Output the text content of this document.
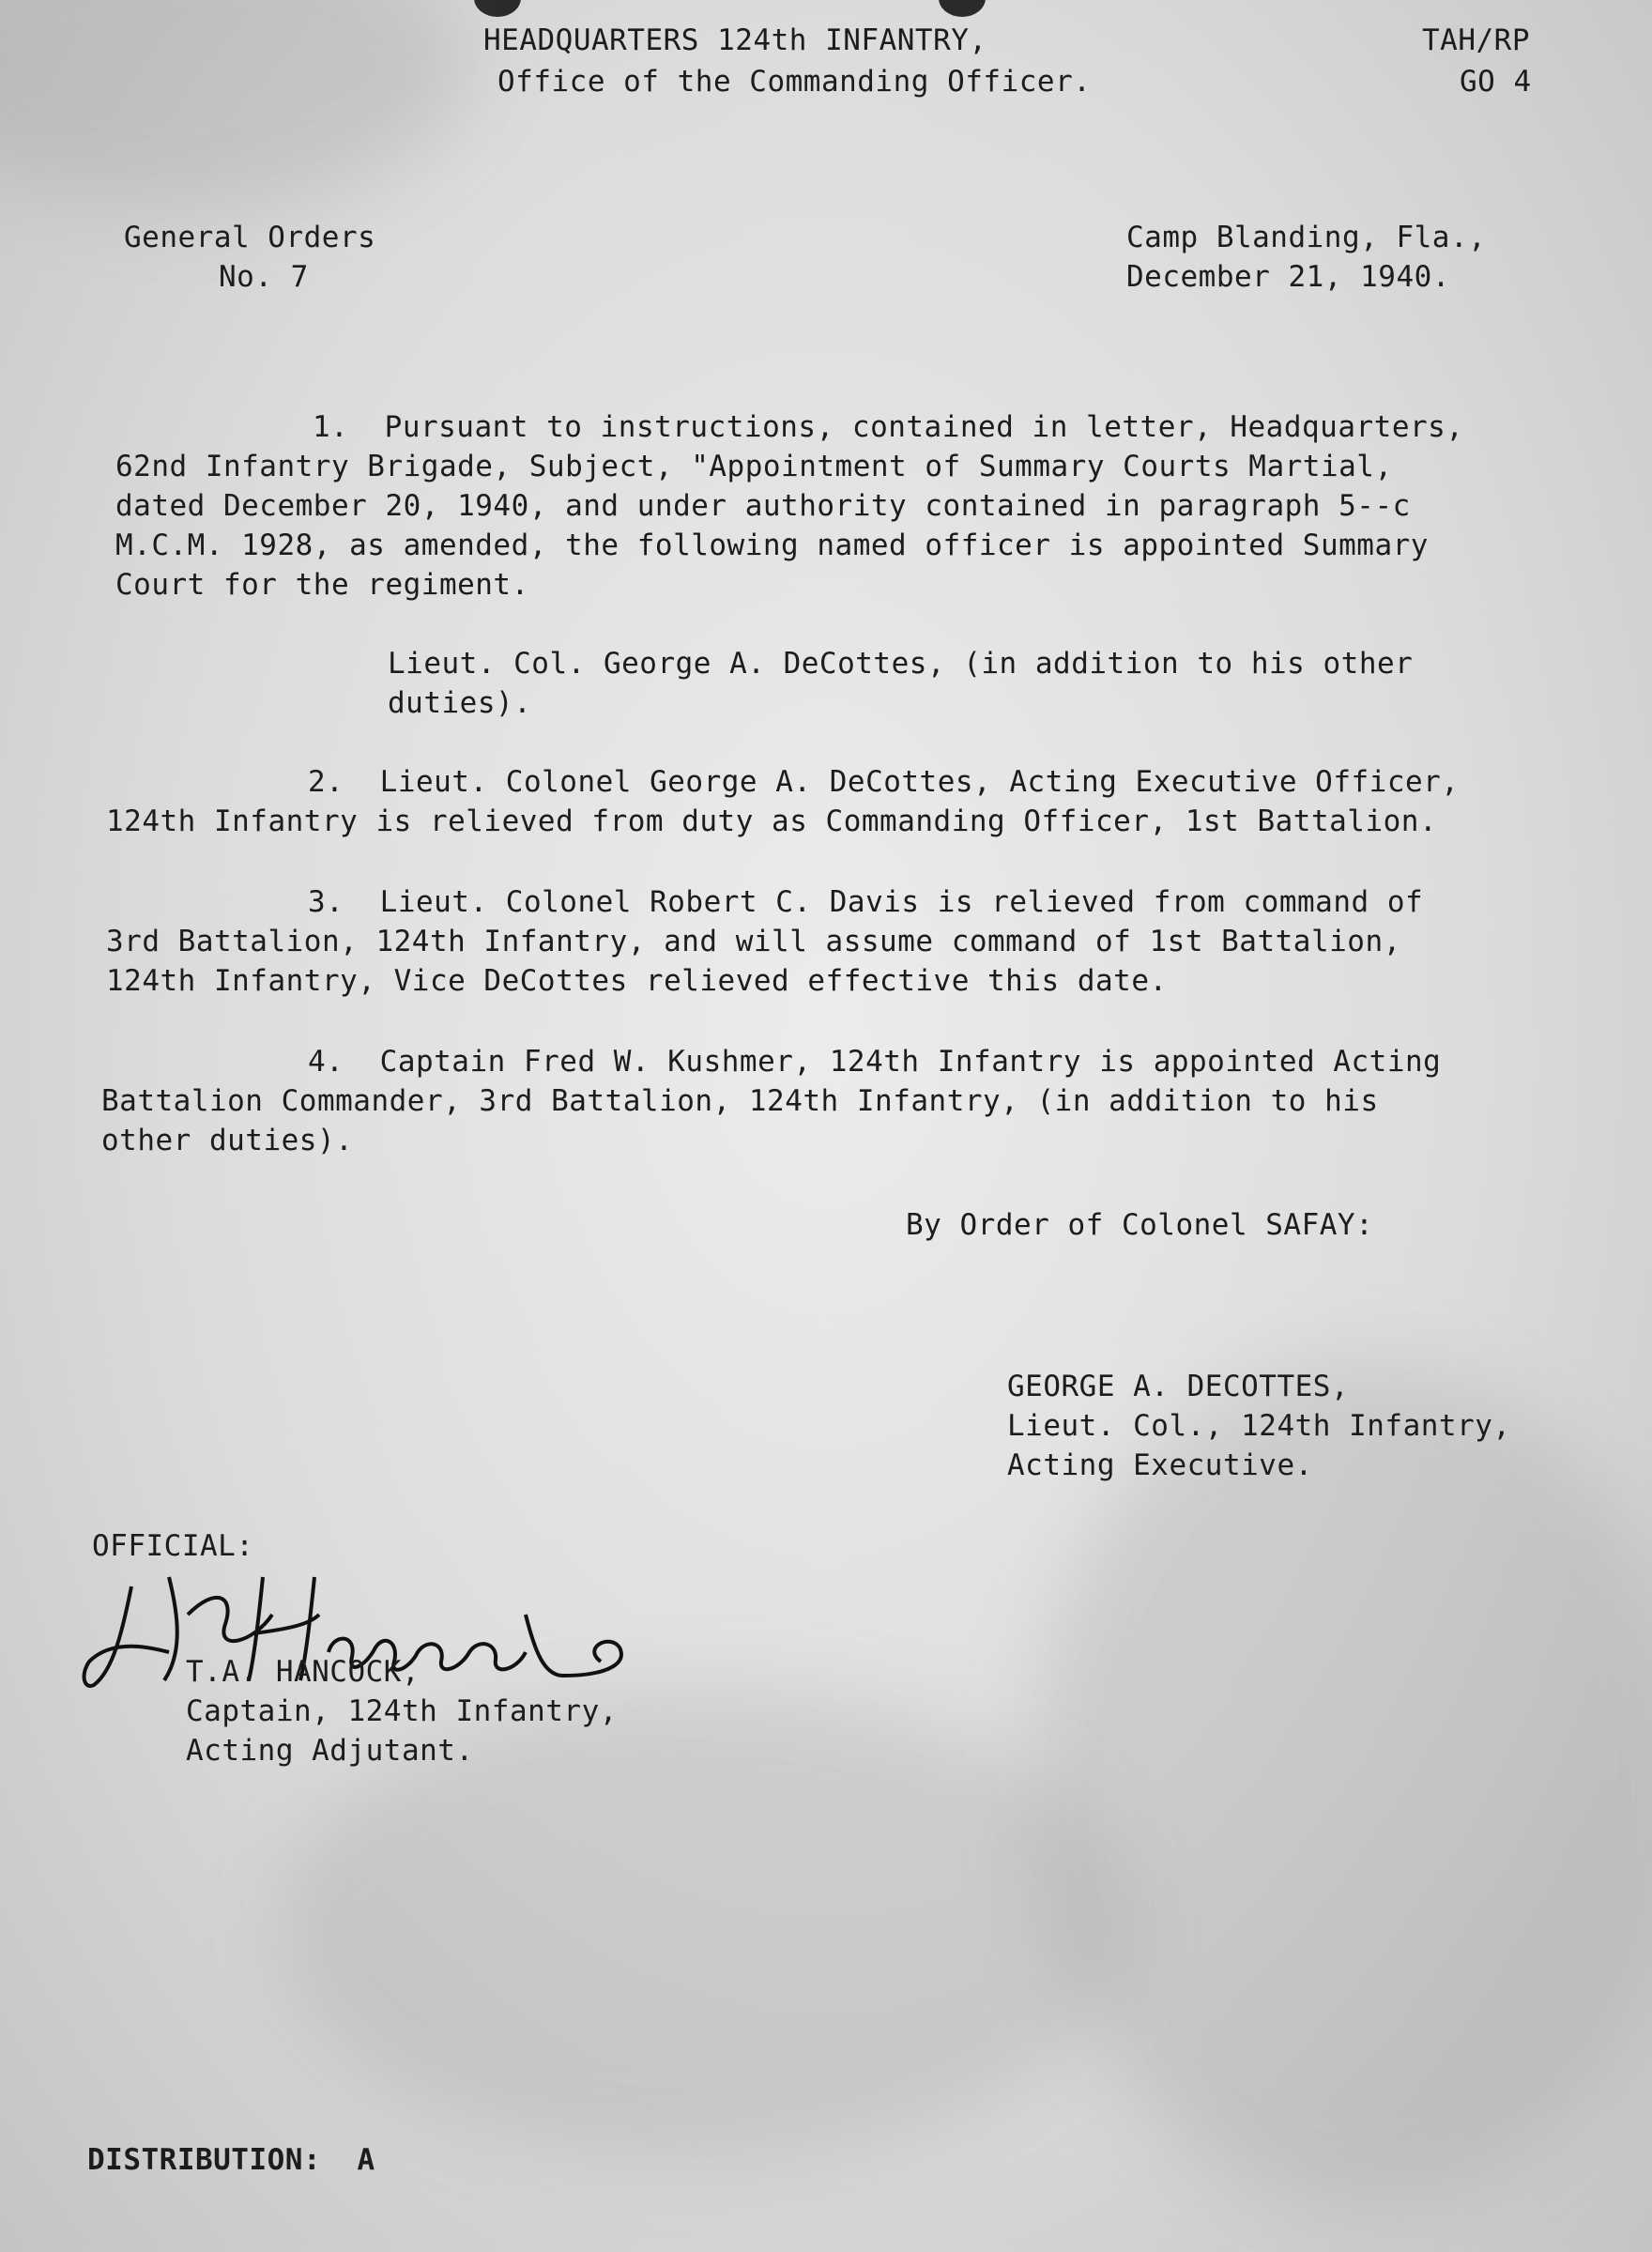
HEADQUARTERS 124th INFANTRY,
Office of the Commanding Officer.
TAH/RP
GO 4
General Orders
No. 7
Camp Blanding, Fla.,
December 21, 1940.
1.  Pursuant to instructions, contained in letter, Headquarters,
62nd Infantry Brigade, Subject, "Appointment of Summary Courts Martial,
dated December 20, 1940, and under authority contained in paragraph 5--c
M.C.M. 1928, as amended, the following named officer is appointed Summary
Court for the regiment.
Lieut. Col. George A. DeCottes, (in addition to his other
duties).
2.  Lieut. Colonel George A. DeCottes, Acting Executive Officer,
124th Infantry is relieved from duty as Commanding Officer, 1st Battalion.
3.  Lieut. Colonel Robert C. Davis is relieved from command of
3rd Battalion, 124th Infantry, and will assume command of 1st Battalion,
124th Infantry, Vice DeCottes relieved effective this date.
4.  Captain Fred W. Kushmer, 124th Infantry is appointed Acting
Battalion Commander, 3rd Battalion, 124th Infantry, (in addition to his
other duties).
By Order of Colonel SAFAY:
GEORGE A. DECOTTES,
Lieut. Col., 124th Infantry,
Acting Executive.
OFFICIAL:
T.A. HANCOCK,
Captain, 124th Infantry,
Acting Adjutant.
DISTRIBUTION:  A
